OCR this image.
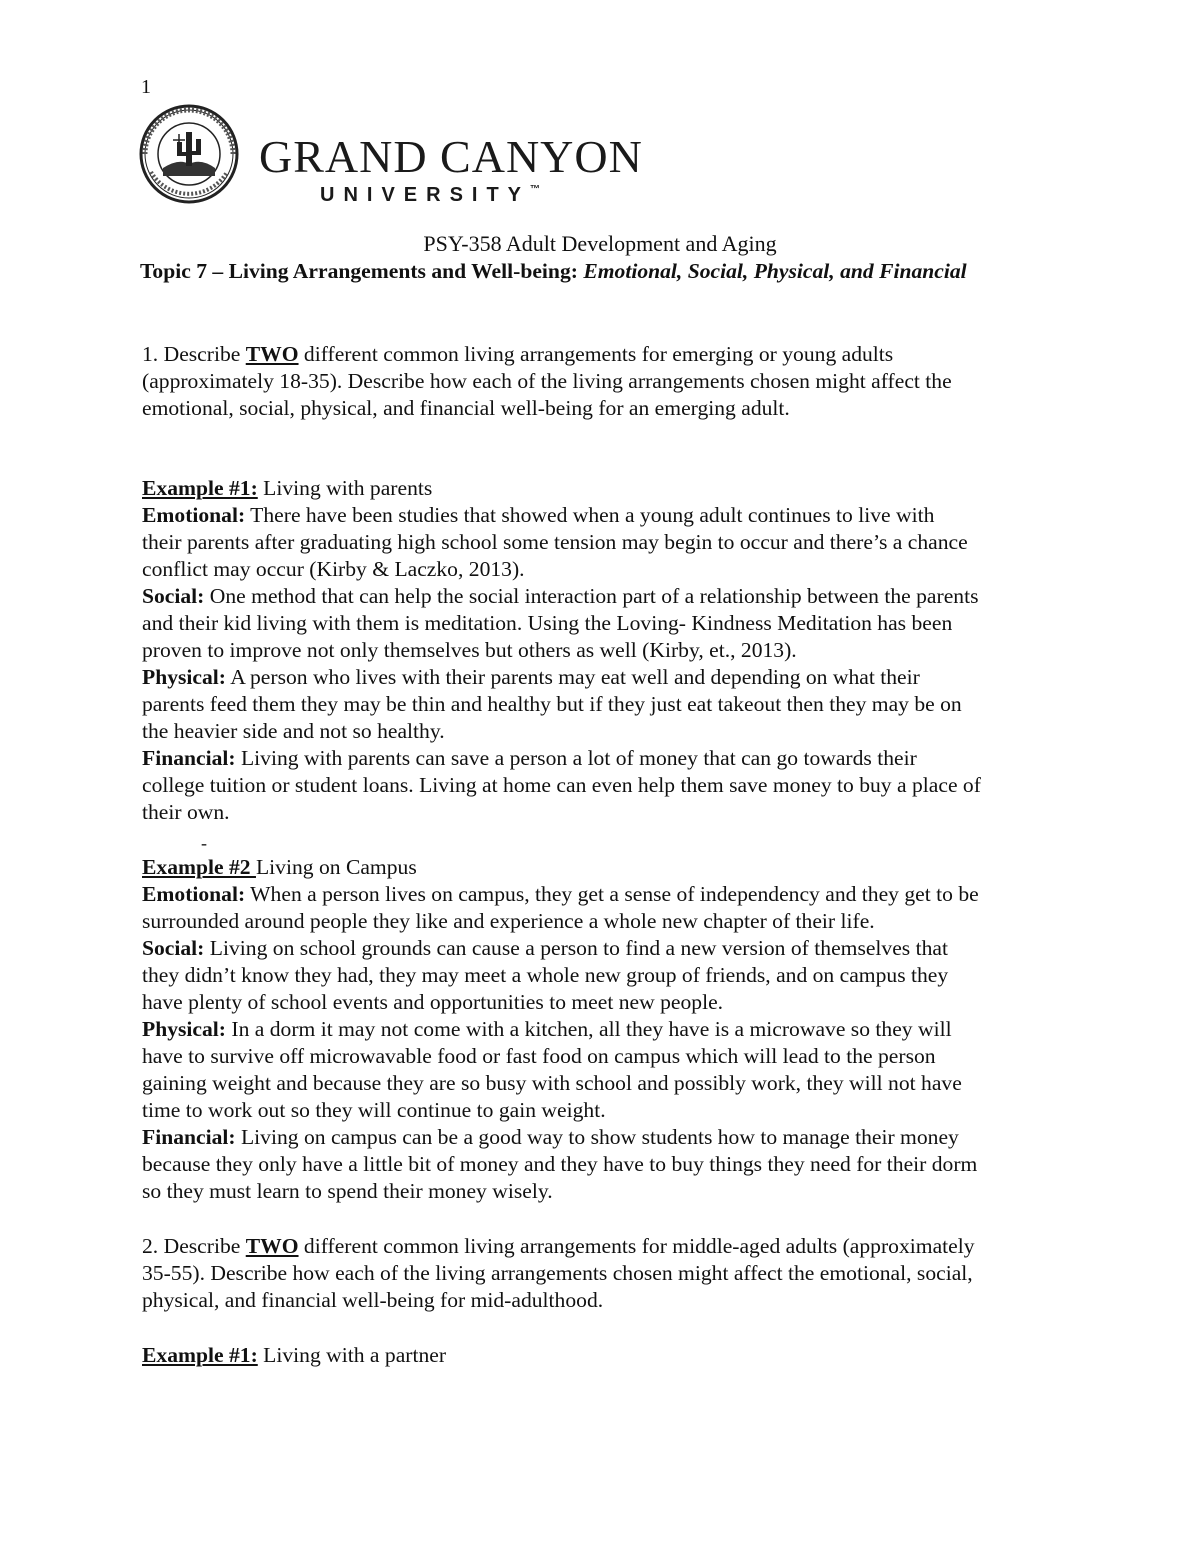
1
GRAND CANYON
UNIVERSITY™
PSY-358 Adult Development and Aging
Topic 7 – Living Arrangements and Well-being: Emotional, Social, Physical, and Financial

1. Describe TWO different common living arrangements for emerging or young adults

(approximately 18-35). Describe how each of the living arrangements chosen might affect the

emotional, social, physical, and financial well-being for an emerging adult.

Example #1: Living with parents

Emotional: There have been studies that showed when a young adult continues to live with

their parents after graduating high school some tension may begin to occur and there’s a chance

conflict may occur (Kirby & Laczko, 2013).

Social: One method that can help the social interaction part of a relationship between the parents

and their kid living with them is meditation. Using the Loving- Kindness Meditation has been

proven to improve not only themselves but others as well (Kirby, et., 2013).

Physical: A person who lives with their parents may eat well and depending on what their

parents feed them they may be thin and healthy but if they just eat takeout then they may be on

the heavier side and not so healthy.

Financial: Living with parents can save a person a lot of money that can go towards their

college tuition or student loans. Living at home can even help them save money to buy a place of

their own.

-

Example #2 Living on Campus

Emotional: When a person lives on campus, they get a sense of independency and they get to be

surrounded around people they like and experience a whole new chapter of their life.

Social: Living on school grounds can cause a person to find a new version of themselves that

they didn’t know they had, they may meet a whole new group of friends, and on campus they

have plenty of school events and opportunities to meet new people.

Physical: In a dorm it may not come with a kitchen, all they have is a microwave so they will

have to survive off microwavable food or fast food on campus which will lead to the person

gaining weight and because they are so busy with school and possibly work, they will not have

time to work out so they will continue to gain weight.

Financial: Living on campus can be a good way to show students how to manage their money

because they only have a little bit of money and they have to buy things they need for their dorm

so they must learn to spend their money wisely.

2. Describe TWO different common living arrangements for middle-aged adults (approximately

35-55). Describe how each of the living arrangements chosen might affect the emotional, social,

physical, and financial well-being for mid-adulthood.

Example #1: Living with a partner
